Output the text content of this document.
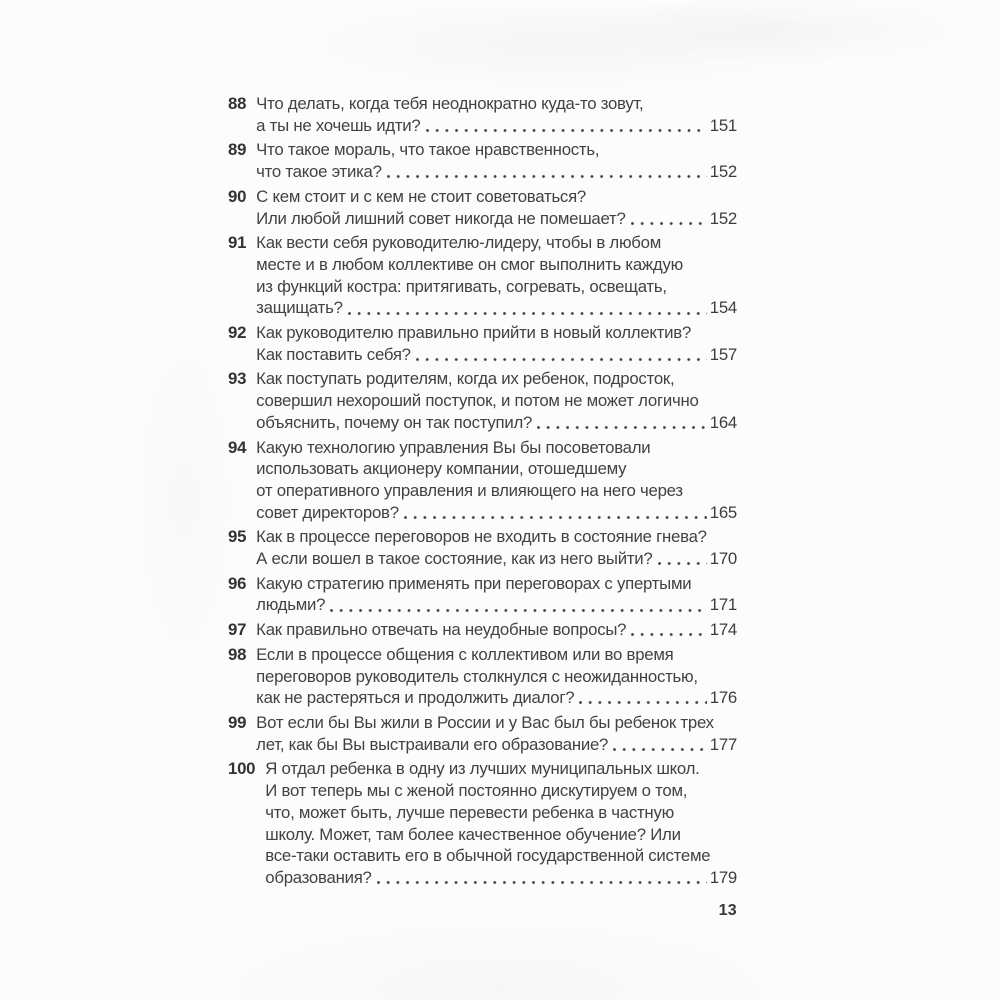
88 Что делать, когда тебя неоднократно куда-то зовут,
а ты не хочешь идти?	151
89 Что такое мораль, что такое нравственность,
что такое этика?	152
90 С кем стоит и с кем не стоит советоваться?
Или любой лишний совет никогда не помешает?	152
91 Как вести себя руководителю-лидеру, чтобы в любом
месте и в любом коллективе он смог выполнить каждую
из функций костра: притягивать, согревать, освещать,
защищать?	154
92 Как руководителю правильно прийти в новый коллектив?
Как поставить себя?	157
93 Как поступать родителям, когда их ребенок, подросток,
совершил нехороший поступок, и потом не может логично
объяснить, почему он так поступил?	164
94 Какую технологию управления Вы бы посоветовали
использовать акционеру компании, отошедшему
от оперативного управления и влияющего на него через
совет директоров?	165
95 Как в процессе переговоров не входить в состояние гнева?
А если вошел в такое состояние, как из него выйти?	170
96 Какую стратегию применять при переговорах с упертыми
людьми?	171
97 Как правильно отвечать на неудобные вопросы?	174
98 Если в процессе общения с коллективом или во время
переговоров руководитель столкнулся с неожиданностью,
как не растеряться и продолжить диалог?	176
99 Вот если бы Вы жили в России и у Вас был бы ребенок трех
лет, как бы Вы выстраивали его образование?	177
100 Я отдал ребенка в одну из лучших муниципальных школ.
И вот теперь мы с женой постоянно дискутируем о том,
что, может быть, лучше перевести ребенка в частную
школу. Может, там более качественное обучение? Или
все-таки оставить его в обычной государственной системе
образования?	179
13
